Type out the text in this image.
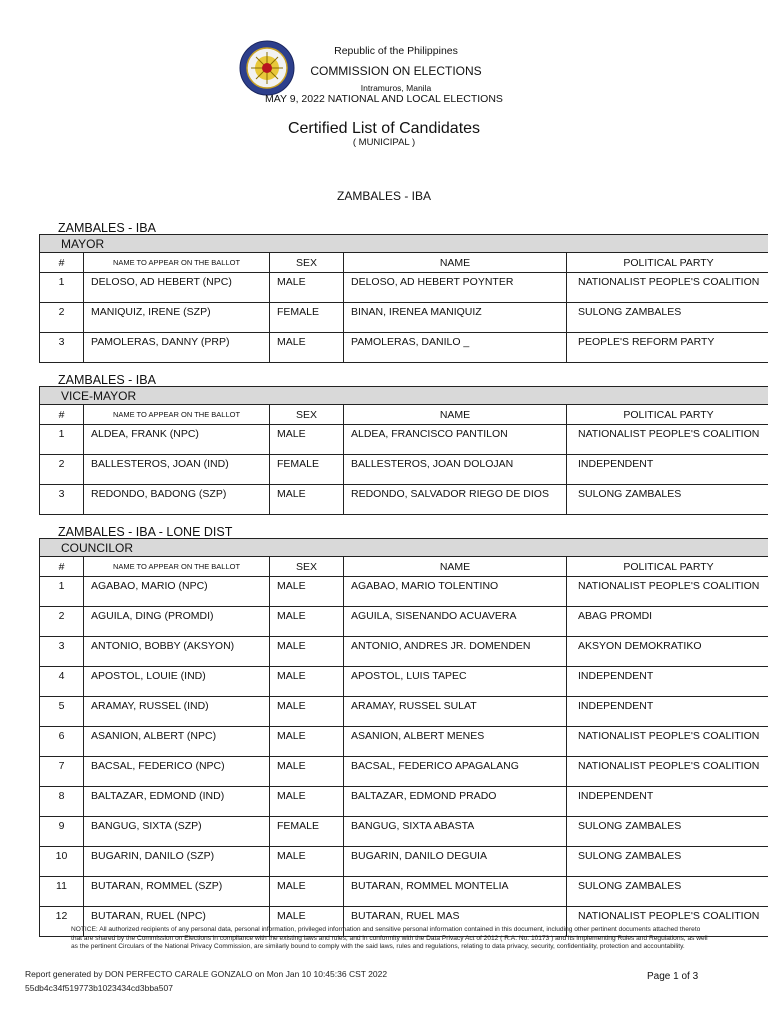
Republic of the Philippines
COMMISSION ON ELECTIONS
Intramuros, Manila
MAY 9, 2022 NATIONAL AND LOCAL ELECTIONS
Certified List of Candidates
( MUNICIPAL )
ZAMBALES - IBA
ZAMBALES - IBA
MAYOR				
#	NAME TO APPEAR ON THE BALLOT	SEX	NAME	POLITICAL PARTY
1	DELOSO, AD HEBERT (NPC)	MALE	DELOSO, AD HEBERT POYNTER	NATIONALIST PEOPLE'S COALITION
2	MANIQUIZ, IRENE (SZP)	FEMALE	BINAN, IRENEA MANIQUIZ	SULONG ZAMBALES
3	PAMOLERAS, DANNY (PRP)	MALE	PAMOLERAS, DANILO _	PEOPLE'S REFORM PARTY
ZAMBALES - IBA
VICE-MAYOR				
#	NAME TO APPEAR ON THE BALLOT	SEX	NAME	POLITICAL PARTY
1	ALDEA, FRANK (NPC)	MALE	ALDEA, FRANCISCO PANTILON	NATIONALIST PEOPLE'S COALITION
2	BALLESTEROS, JOAN (IND)	FEMALE	BALLESTEROS, JOAN DOLOJAN	INDEPENDENT
3	REDONDO, BADONG (SZP)	MALE	REDONDO, SALVADOR RIEGO DE DIOS	SULONG ZAMBALES
ZAMBALES - IBA - LONE DIST
COUNCILOR				
#	NAME TO APPEAR ON THE BALLOT	SEX	NAME	POLITICAL PARTY
1	AGABAO, MARIO (NPC)	MALE	AGABAO, MARIO TOLENTINO	NATIONALIST PEOPLE'S COALITION
2	AGUILA, DING (PROMDI)	MALE	AGUILA, SISENANDO ACUAVERA	ABAG PROMDI
3	ANTONIO, BOBBY (AKSYON)	MALE	ANTONIO, ANDRES JR. DOMENDEN	AKSYON DEMOKRATIKO
4	APOSTOL, LOUIE (IND)	MALE	APOSTOL, LUIS TAPEC	INDEPENDENT
5	ARAMAY, RUSSEL (IND)	MALE	ARAMAY, RUSSEL SULAT	INDEPENDENT
6	ASANION, ALBERT (NPC)	MALE	ASANION, ALBERT MENES	NATIONALIST PEOPLE'S COALITION
7	BACSAL, FEDERICO (NPC)	MALE	BACSAL, FEDERICO APAGALANG	NATIONALIST PEOPLE'S COALITION
8	BALTAZAR, EDMOND (IND)	MALE	BALTAZAR, EDMOND PRADO	INDEPENDENT
9	BANGUG, SIXTA (SZP)	FEMALE	BANGUG, SIXTA ABASTA	SULONG ZAMBALES
10	BUGARIN, DANILO (SZP)	MALE	BUGARIN, DANILO DEGUIA	SULONG ZAMBALES
11	BUTARAN, ROMMEL (SZP)	MALE	BUTARAN, ROMMEL MONTELIA	SULONG ZAMBALES
12	BUTARAN, RUEL (NPC)	MALE	BUTARAN, RUEL MAS	NATIONALIST PEOPLE'S COALITION
NOTICE: All authorized recipients of any personal data, personal information, privileged information and sensitive personal information contained in this document, including other pertinent documents attached thereto that are shared by the Commission on Elections in compliance with the existing laws and rules, and in conformity with the Data Privacy Act of 2012 ( R.A. No. 10173 ) and its implementing Rules and Regulations, as well as the pertinent Circulars of the National Privacy Commission, are similarly bound to comply with the said laws, rules and regulations, relating to data privacy, security, confidentiality, protection and accountability.
Report generated by DON PERFECTO CARALE GONZALO on Mon Jan 10 10:45:36 CST 2022
55db4c34f519773b1023434cd3bba507
Page 1 of 3
